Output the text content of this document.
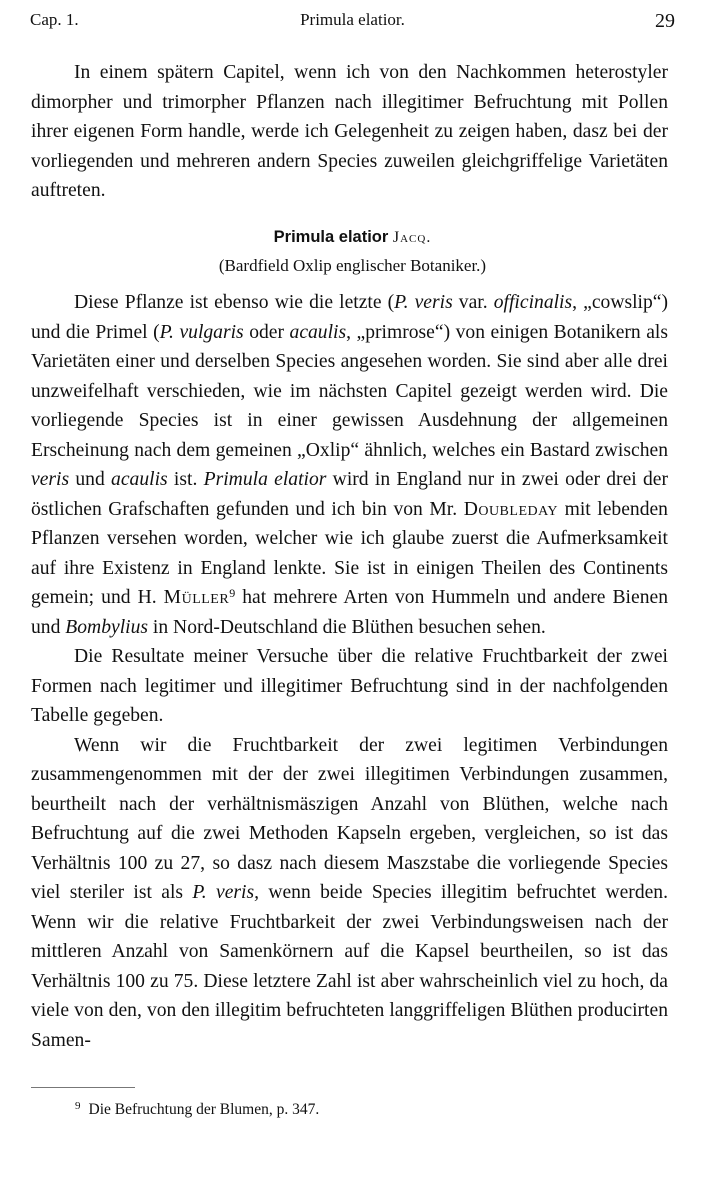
Cap. 1.	Primula elatior.	29

In einem spätern Capitel, wenn ich von den Nachkommen heterostyler dimorpher und trimorpher Pflanzen nach illegitimer Befruchtung mit Pollen ihrer eigenen Form handle, werde ich Gelegenheit zu zeigen haben, dasz bei der vorliegenden und mehreren andern Species zuweilen gleichgriffelige Varietäten auftreten.

Primula elatior Jacq.
(Bardfield Oxlip englischer Botaniker.)

Diese Pflanze ist ebenso wie die letzte (P. veris var. officinalis, „cowslip“) und die Primel (P. vulgaris oder acaulis, „primrose“) von einigen Botanikern als Varietäten einer und derselben Species angesehen worden. Sie sind aber alle drei unzweifelhaft verschieden, wie im nächsten Capitel gezeigt werden wird. Die vorliegende Species ist in einer gewissen Ausdehnung der allgemeinen Erscheinung nach dem gemeinen „Oxlip“ ähnlich, welches ein Bastard zwischen veris und acaulis ist. Primula elatior wird in England nur in zwei oder drei der östlichen Grafschaften gefunden und ich bin von Mr. Doubleday mit lebenden Pflanzen versehen worden, welcher wie ich glaube zuerst die Aufmerksamkeit auf ihre Existenz in England lenkte. Sie ist in einigen Theilen des Continents gemein; und H. Müller$^9$ hat mehrere Arten von Hummeln und andere Bienen und Bombylius in Nord-Deutschland die Blüthen besuchen sehen.

Die Resultate meiner Versuche über die relative Fruchtbarkeit der zwei Formen nach legitimer und illegitimer Befruchtung sind in der nachfolgenden Tabelle gegeben.

Wenn wir die Fruchtbarkeit der zwei legitimen Verbindungen zusammengenommen mit der der zwei illegitimen Verbindungen zusammen, beurtheilt nach der verhältnismäszigen Anzahl von Blüthen, welche nach Befruchtung auf die zwei Methoden Kapseln ergeben, vergleichen, so ist das Verhältnis 100 zu 27, so dasz nach diesem Maszstabe die vorliegende Species viel steriler ist als P. veris, wenn beide Species illegitim befruchtet werden. Wenn wir die relative Fruchtbarkeit der zwei Verbindungsweisen nach der mittleren Anzahl von Samenkörnern auf die Kapsel beurtheilen, so ist das Verhältnis 100 zu 75. Diese letztere Zahl ist aber wahrscheinlich viel zu hoch, da viele von den, von den illegitim befruchteten langgriffeligen Blüthen producirten Samen-

$^9$ Die Befruchtung der Blumen, p. 347.
